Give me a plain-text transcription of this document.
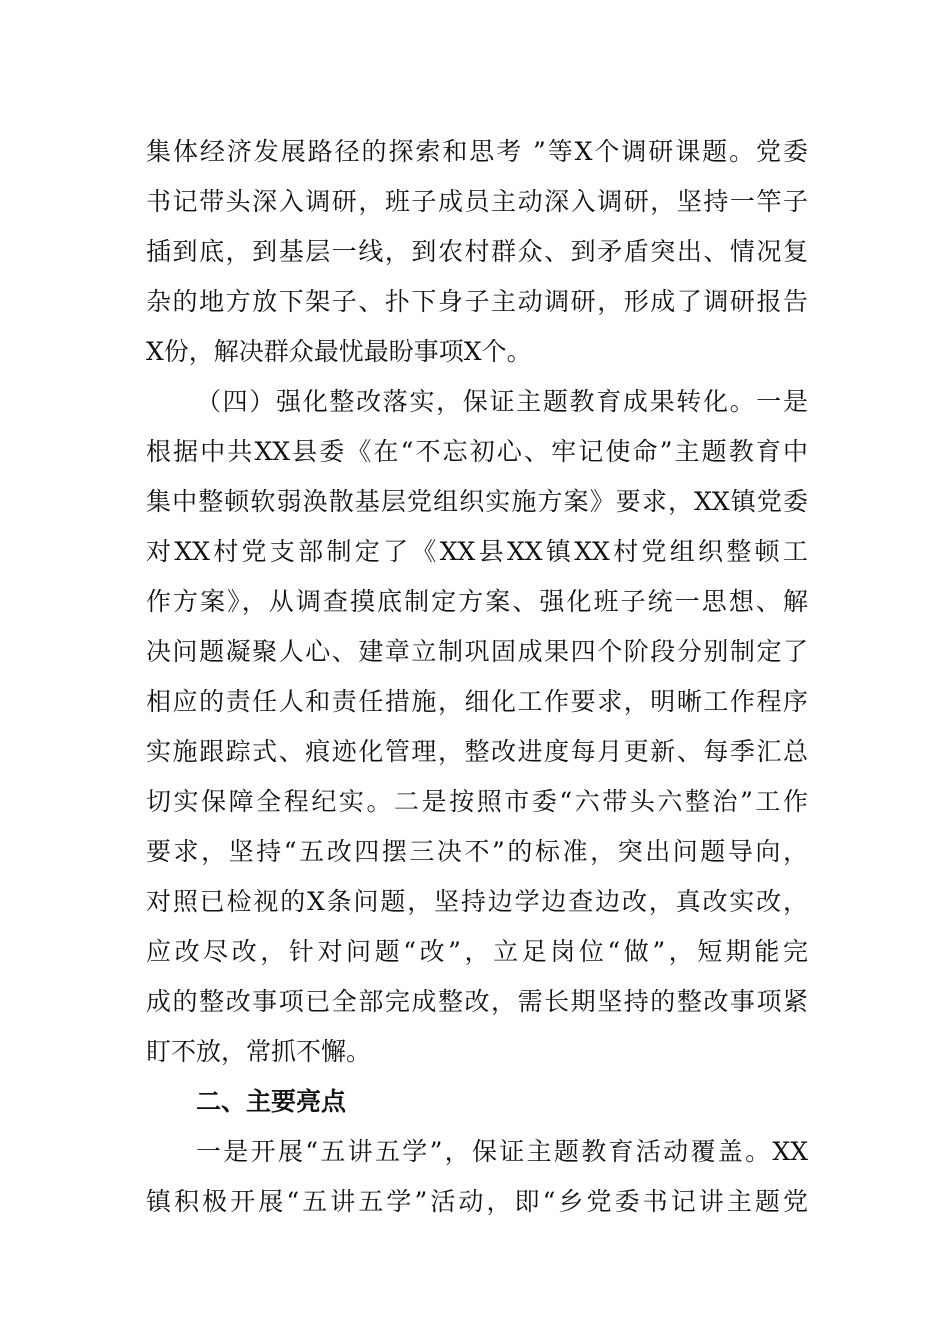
集体经济发展路径的探索和思考 ”等X个调研课题。党委
书记带头深入调研，班子成员主动深入调研，坚持一竿子
插到底，到基层一线，到农村群众、到矛盾突出、情况复
杂的地方放下架子、扑下身子主动调研，形成了调研报告
X份，解决群众最忧最盼事项X个。
（四）强化整改落实，保证主题教育成果转化。一是
根据中共XX县委《在“不忘初心、牢记使命”主题教育中
集中整顿软弱涣散基层党组织实施方案》要求，XX镇党委
对XX村党支部制定了《XX县XX镇XX村党组织整顿工
作方案》，从调查摸底制定方案、强化班子统一思想、解
决问题凝聚人心、建章立制巩固成果四个阶段分别制定了
相应的责任人和责任措施，细化工作要求，明晰工作程序
实施跟踪式、痕迹化管理，整改进度每月更新、每季汇总
切实保障全程纪实。二是按照市委“六带头六整治”工作
要求，坚持“五改四摆三决不”的标准，突出问题导向，
对照已检视的X条问题，坚持边学边查边改，真改实改，
应改尽改，针对问题“改”，立足岗位“做”，短期能完
成的整改事项已全部完成整改，需长期坚持的整改事项紧
盯不放，常抓不懈。
二、主要亮点
一是开展“五讲五学”，保证主题教育活动覆盖。XX
镇积极开展“五讲五学”活动，即“乡党委书记讲主题党
